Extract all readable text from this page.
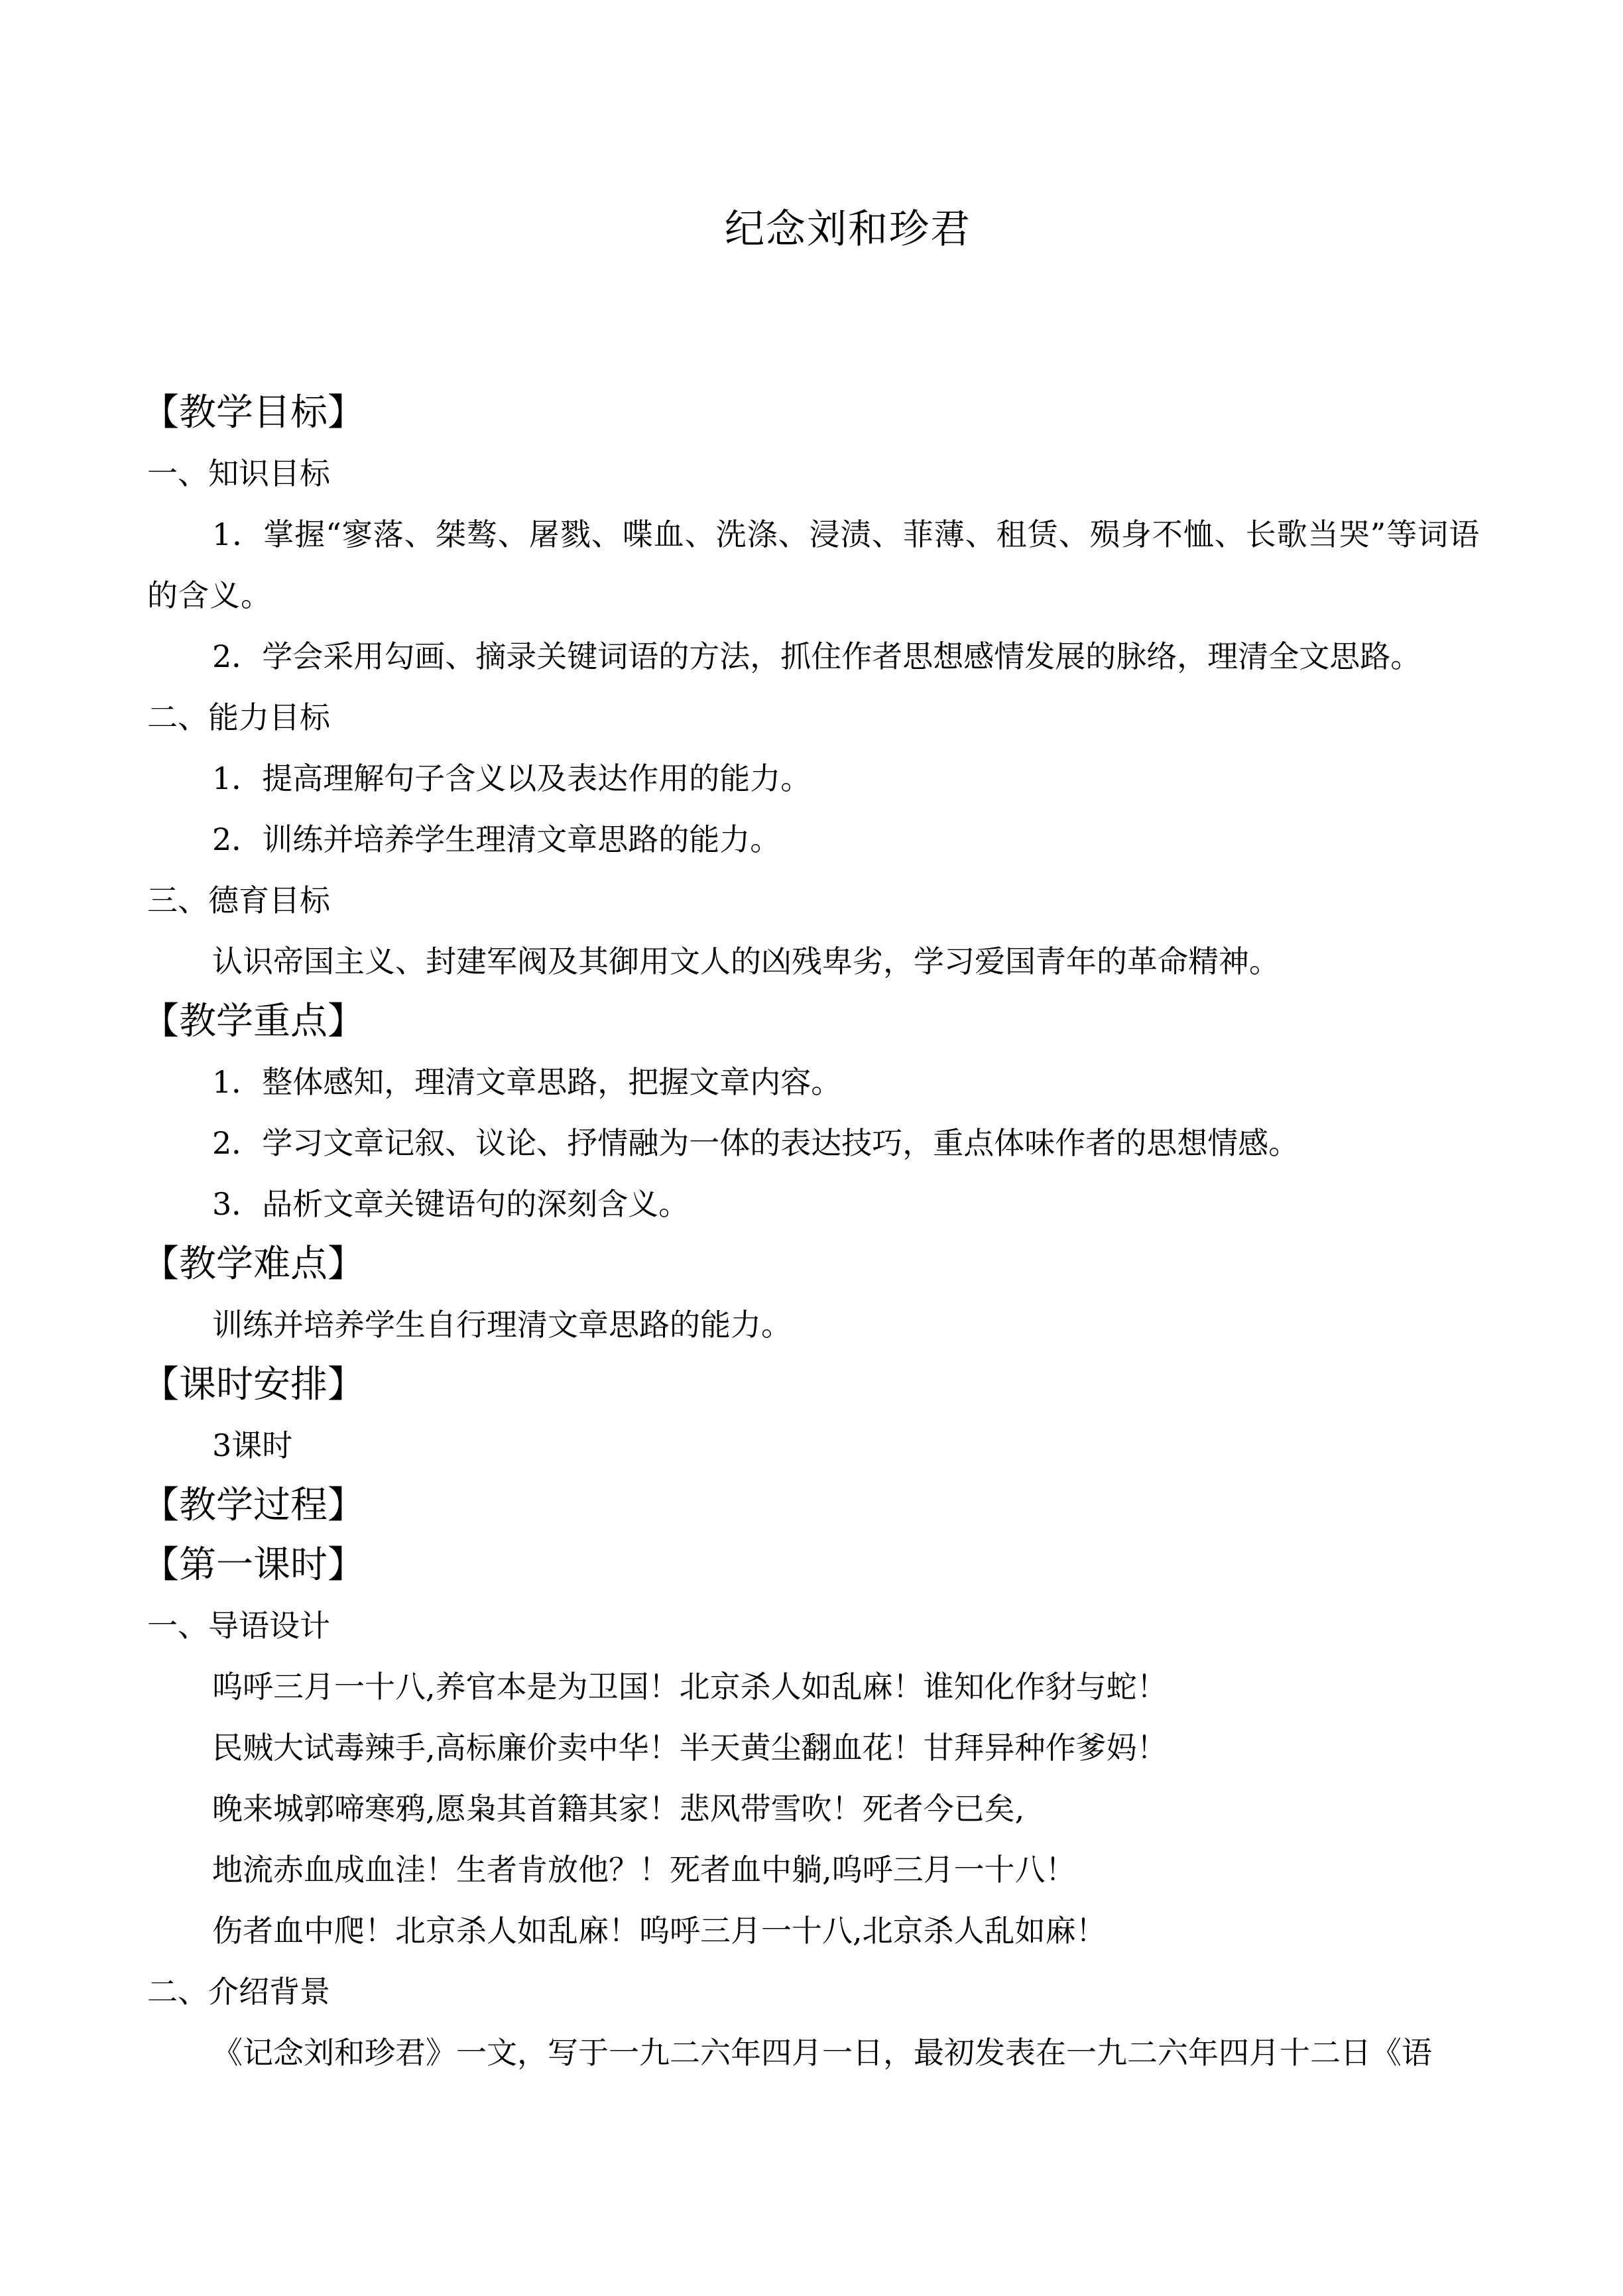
纪念刘和珍君
【教学目标】
一、知识目标
1．掌握“寥落、桀骜、屠戮、喋血、洗涤、浸渍、菲薄、租赁、殒身不恤、长歌当哭”等词语的含义。
2．学会采用勾画、摘录关键词语的方法，抓住作者思想感情发展的脉络，理清全文思路。
二、能力目标
1．提高理解句子含义以及表达作用的能力。
2．训练并培养学生理清文章思路的能力。
三、德育目标
认识帝国主义、封建军阀及其御用文人的凶残卑劣，学习爱国青年的革命精神。
【教学重点】
1．整体感知，理清文章思路，把握文章内容。
2．学习文章记叙、议论、抒情融为一体的表达技巧，重点体味作者的思想情感。
3．品析文章关键语句的深刻含义。
【教学难点】
训练并培养学生自行理清文章思路的能力。
【课时安排】
3课时
【教学过程】
【第一课时】
一、导语设计
呜呼三月一十八,养官本是为卫国！北京杀人如乱麻！谁知化作豺与蛇！
民贼大试毒辣手,高标廉价卖中华！半天黄尘翻血花！甘拜异种作爹妈！
晚来城郭啼寒鸦,愿枭其首籍其家！悲风带雪吹！死者今已矣,
地流赤血成血洼！生者肯放他？！死者血中躺,呜呼三月一十八！
伤者血中爬！北京杀人如乱麻！呜呼三月一十八,北京杀人乱如麻！
二、介绍背景
《记念刘和珍君》一文，写于一九二六年四月一日，最初发表在一九二六年四月十二日《语
